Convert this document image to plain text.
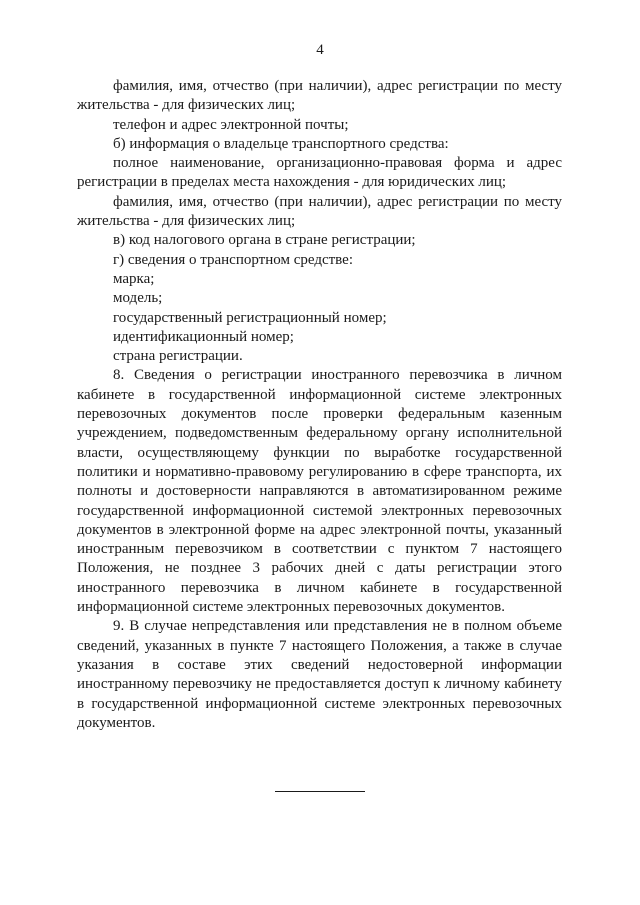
4

фамилия, имя, отчество (при наличии), адрес регистрации по месту жительства - для физических лиц;

телефон и адрес электронной почты;

б) информация о владельце транспортного средства:

полное наименование, организационно-правовая форма и адрес регистрации в пределах места нахождения - для юридических лиц;

фамилия, имя, отчество (при наличии), адрес регистрации по месту жительства - для физических лиц;

в) код налогового органа в стране регистрации;

г) сведения о транспортном средстве:

марка;

модель;

государственный регистрационный номер;

идентификационный номер;

страна регистрации.

8. Сведения о регистрации иностранного перевозчика в личном кабинете в государственной информационной системе электронных перевозочных документов после проверки федеральным казенным учреждением, подведомственным федеральному органу исполнительной власти, осуществляющему функции по выработке государственной политики и нормативно-правовому регулированию в сфере транспорта, их полноты и достоверности направляются в автоматизированном режиме государственной информационной системой электронных перевозочных документов в электронной форме на адрес электронной почты, указанный иностранным перевозчиком в соответствии с пунктом 7 настоящего Положения, не позднее 3 рабочих дней с даты регистрации этого иностранного перевозчика в личном кабинете в государственной информационной системе электронных перевозочных документов.

9. В случае непредставления или представления не в полном объеме сведений, указанных в пункте 7 настоящего Положения, а также в случае указания в составе этих сведений недостоверной информации иностранному перевозчику не предоставляется доступ к личному кабинету в государственной информационной системе электронных перевозочных документов.
